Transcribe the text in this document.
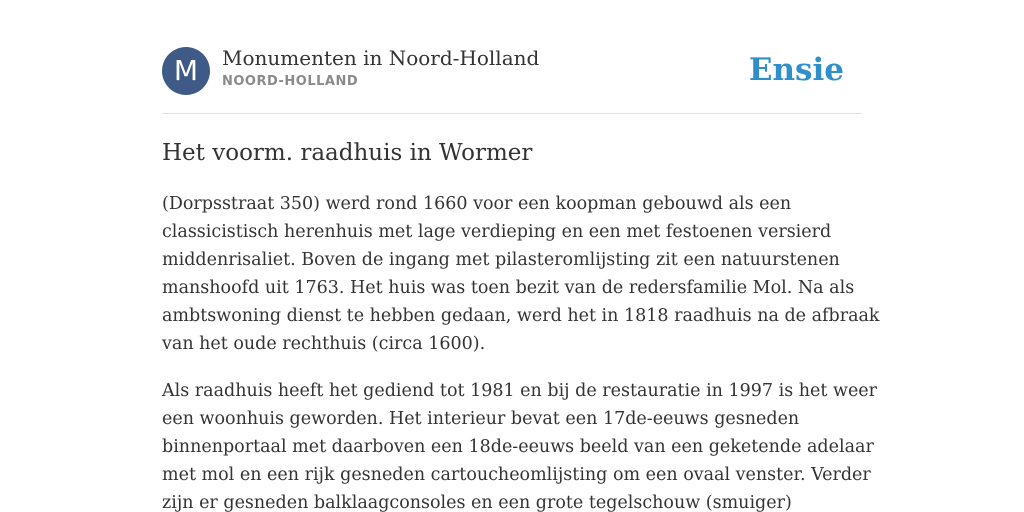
M	Monumenten in Noord-Holland
NOORD-HOLLAND	Ensie
Het voorm. raadhuis in Wormer

(Dorpsstraat 350) werd rond 1660 voor een koopman gebouwd als een
classicistisch herenhuis met lage verdieping en een met festoenen versierd
middenrisaliet. Boven de ingang met pilasteromlijsting zit een natuurstenen
manshoofd uit 1763. Het huis was toen bezit van de redersfamilie Mol. Na als
ambtswoning dienst te hebben gedaan, werd het in 1818 raadhuis na de afbraak
van het oude rechthuis (circa 1600).

Als raadhuis heeft het gediend tot 1981 en bij de restauratie in 1997 is het weer
een woonhuis geworden. Het interieur bevat een 17de-eeuws gesneden
binnenportaal met daarboven een 18de-eeuws beeld van een geketende adelaar
met mol en een rijk gesneden cartoucheomlijsting om een ovaal venster. Verder
zijn er gesneden balklaagconsoles en een grote tegelschouw (smuiger)
